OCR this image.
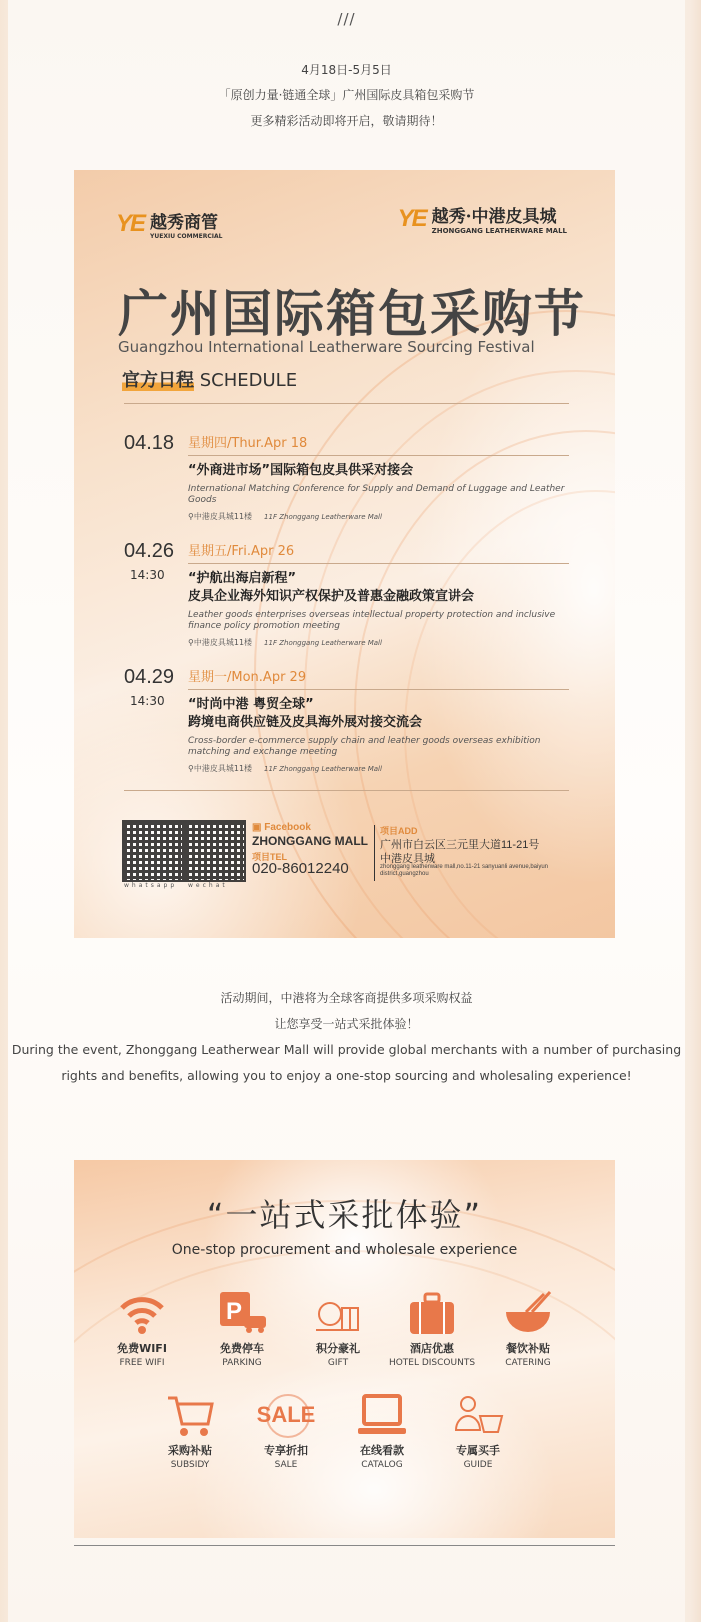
///
4月18日-5月5日
「原创力量·链通全球」广州国际皮具箱包采购节
更多精彩活动即将开启，敬请期待！
YE 越秀商管
YUEXIU COMMERCIAL
YE 越秀·中港皮具城
ZHONGGANG LEATHERWARE MALL
广州国际箱包采购节
Guangzhou International Leatherware Sourcing Festival
官方日程 SCHEDULE
04.18 星期四/Thur.Apr 18
“外商进市场”国际箱包皮具供采对接会
International Matching Conference for Supply and Demand of Luggage and Leather Goods
⚲中港皮具城11楼 11F Zhonggang Leatherware Mall
04.26
14:30
星期五/Fri.Apr 26
“护航出海启新程”
皮具企业海外知识产权保护及普惠金融政策宣讲会
Leather goods enterprises overseas intellectual property protection and inclusive finance policy promotion meeting
⚲中港皮具城11楼 11F Zhonggang Leatherware Mall
04.29
14:30
星期一/Mon.Apr 29
“时尚中港 粤贸全球”
跨境电商供应链及皮具海外展对接交流会
Cross-border e-commerce supply chain and leather goods overseas exhibition matching and exchange meeting
⚲中港皮具城11楼 11F Zhonggang Leatherware Mall
whatsapp wechat
▣ Facebook
ZHONGGANG MALL
项目TEL
020-86012240
项目ADD
广州市白云区三元里大道11-21号
中港皮具城
zhonggang leatherware mall,no.11-21 sanyuanli avenue,baiyun district,guangzhou
活动期间，中港将为全球客商提供多项采购权益
让您享受一站式采批体验！
During the event, Zhonggang Leatherwear Mall will provide global merchants with a number of purchasing rights and benefits, allowing you to enjoy a one-stop sourcing and wholesaling experience!
“一站式采批体验”
One-stop procurement and wholesale experience
免费WIFI
FREE WIFI
P
免费停车
PARKING
积分豪礼
GIFT
酒店优惠
HOTEL DISCOUNTS
餐饮补贴
CATERING
采购补贴
SUBSIDY
SALE
专享折扣
SALE
在线看款
CATALOG
专属买手
GUIDE
